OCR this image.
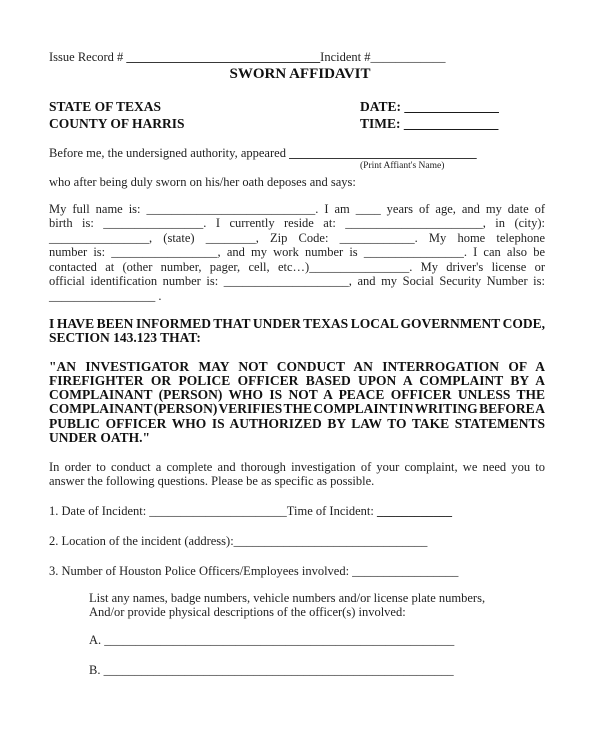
Issue Record # _______________________________Incident #____________
SWORN AFFIDAVIT
STATE OF TEXAS
COUNTY OF HARRIS
DATE: ______________
TIME: ______________
Before me, the undersigned authority, appeared ______________________________
(Print Affiant's Name)
who after being duly sworn on his/her oath deposes and says:
My full name is: ___________________________. I am ____ years of age, and my date of
birth is: ________________. I currently reside at: ______________________, in (city):
________________, (state) ________, Zip Code: ____________. My home telephone
number is: _________________, and my work number is ________________. I can also be
contacted at (other number, pager, cell, etc…)________________. My driver's license or
official identification number is: ____________________, and my Social Security Number is:
_________________ .
I HAVE BEEN INFORMED THAT UNDER TEXAS LOCAL GOVERNMENT CODE,
SECTION 143.123 THAT:
"AN INVESTIGATOR MAY NOT CONDUCT AN INTERROGATION OF A
FIREFIGHTER OR POLICE OFFICER BASED UPON A COMPLAINT BY A
COMPLAINANT (PERSON) WHO IS NOT A PEACE OFFICER UNLESS THE
COMPLAINANT (PERSON) VERIFIES THE COMPLAINT IN WRITING BEFORE A
PUBLIC OFFICER WHO IS AUTHORIZED BY LAW TO TAKE STATEMENTS
UNDER OATH."
In order to conduct a complete and thorough investigation of your complaint, we need you to
answer the following questions. Please be as specific as possible.
1. Date of Incident: ______________________Time of Incident: ____________
2. Location of the incident (address):_______________________________
3. Number of Houston Police Officers/Employees involved: _________________
List any names, badge numbers, vehicle numbers and/or license plate numbers,
And/or provide physical descriptions of the officer(s) involved:
A. ________________________________________________________
B. ________________________________________________________
